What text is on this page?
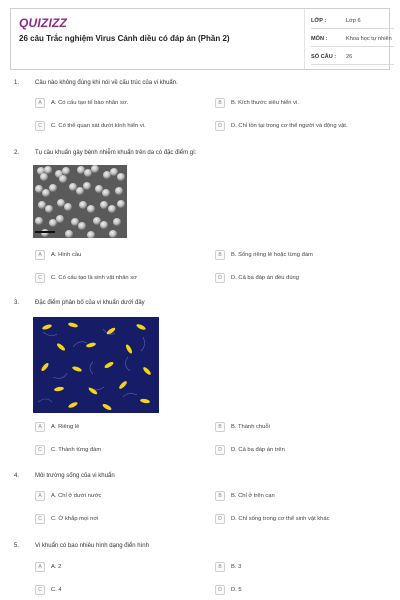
QUIZIZZ
26 câu Trắc nghiệm Virus Cánh diều có đáp án (Phần 2)
LỚP :	Lớp 6
MÔN :	Khoa học tự nhiên
SỐ CÂU : 26
1.	Câu nào không đúng khi nói về cấu trúc của vi khuẩn.
A	A. Có cấu tạo tế bào nhân sơ.	B	B. Kích thước siêu hiển vi.
C	C. Có thể quan sát dưới kính hiển vi.	D	D. Chỉ tồn tại trong cơ thể người và động vật.
2.	Tụ cầu khuẩn gây bệnh nhiễm khuẩn trên da có đặc điểm gì:
A	A. Hình cầu	B	B. Sống riêng lẻ hoặc từng đám
C	C. Có cấu tạo là sinh vật nhân sơ	D	D. Cả ba đáp án đều đúng
3.	Đặc điểm phân bố của vi khuẩn dưới đây
A	A. Riêng lẻ	B	B. Thành chuỗi
C	C. Thành từng đám	D	D. Cả ba đáp án trên
4.	Môi trường sống của vi khuẩn
A	A. Chỉ ở dưới nước	B	B. Chỉ ở trên cạn
C	C. Ở khắp mọi nơi	D	D. Chỉ sống trong cơ thể sinh vật khác
5.	Vi khuẩn có bao nhiêu hình dạng điển hình
A	A. 2	B	B. 3
C	C. 4	D	D. 5
